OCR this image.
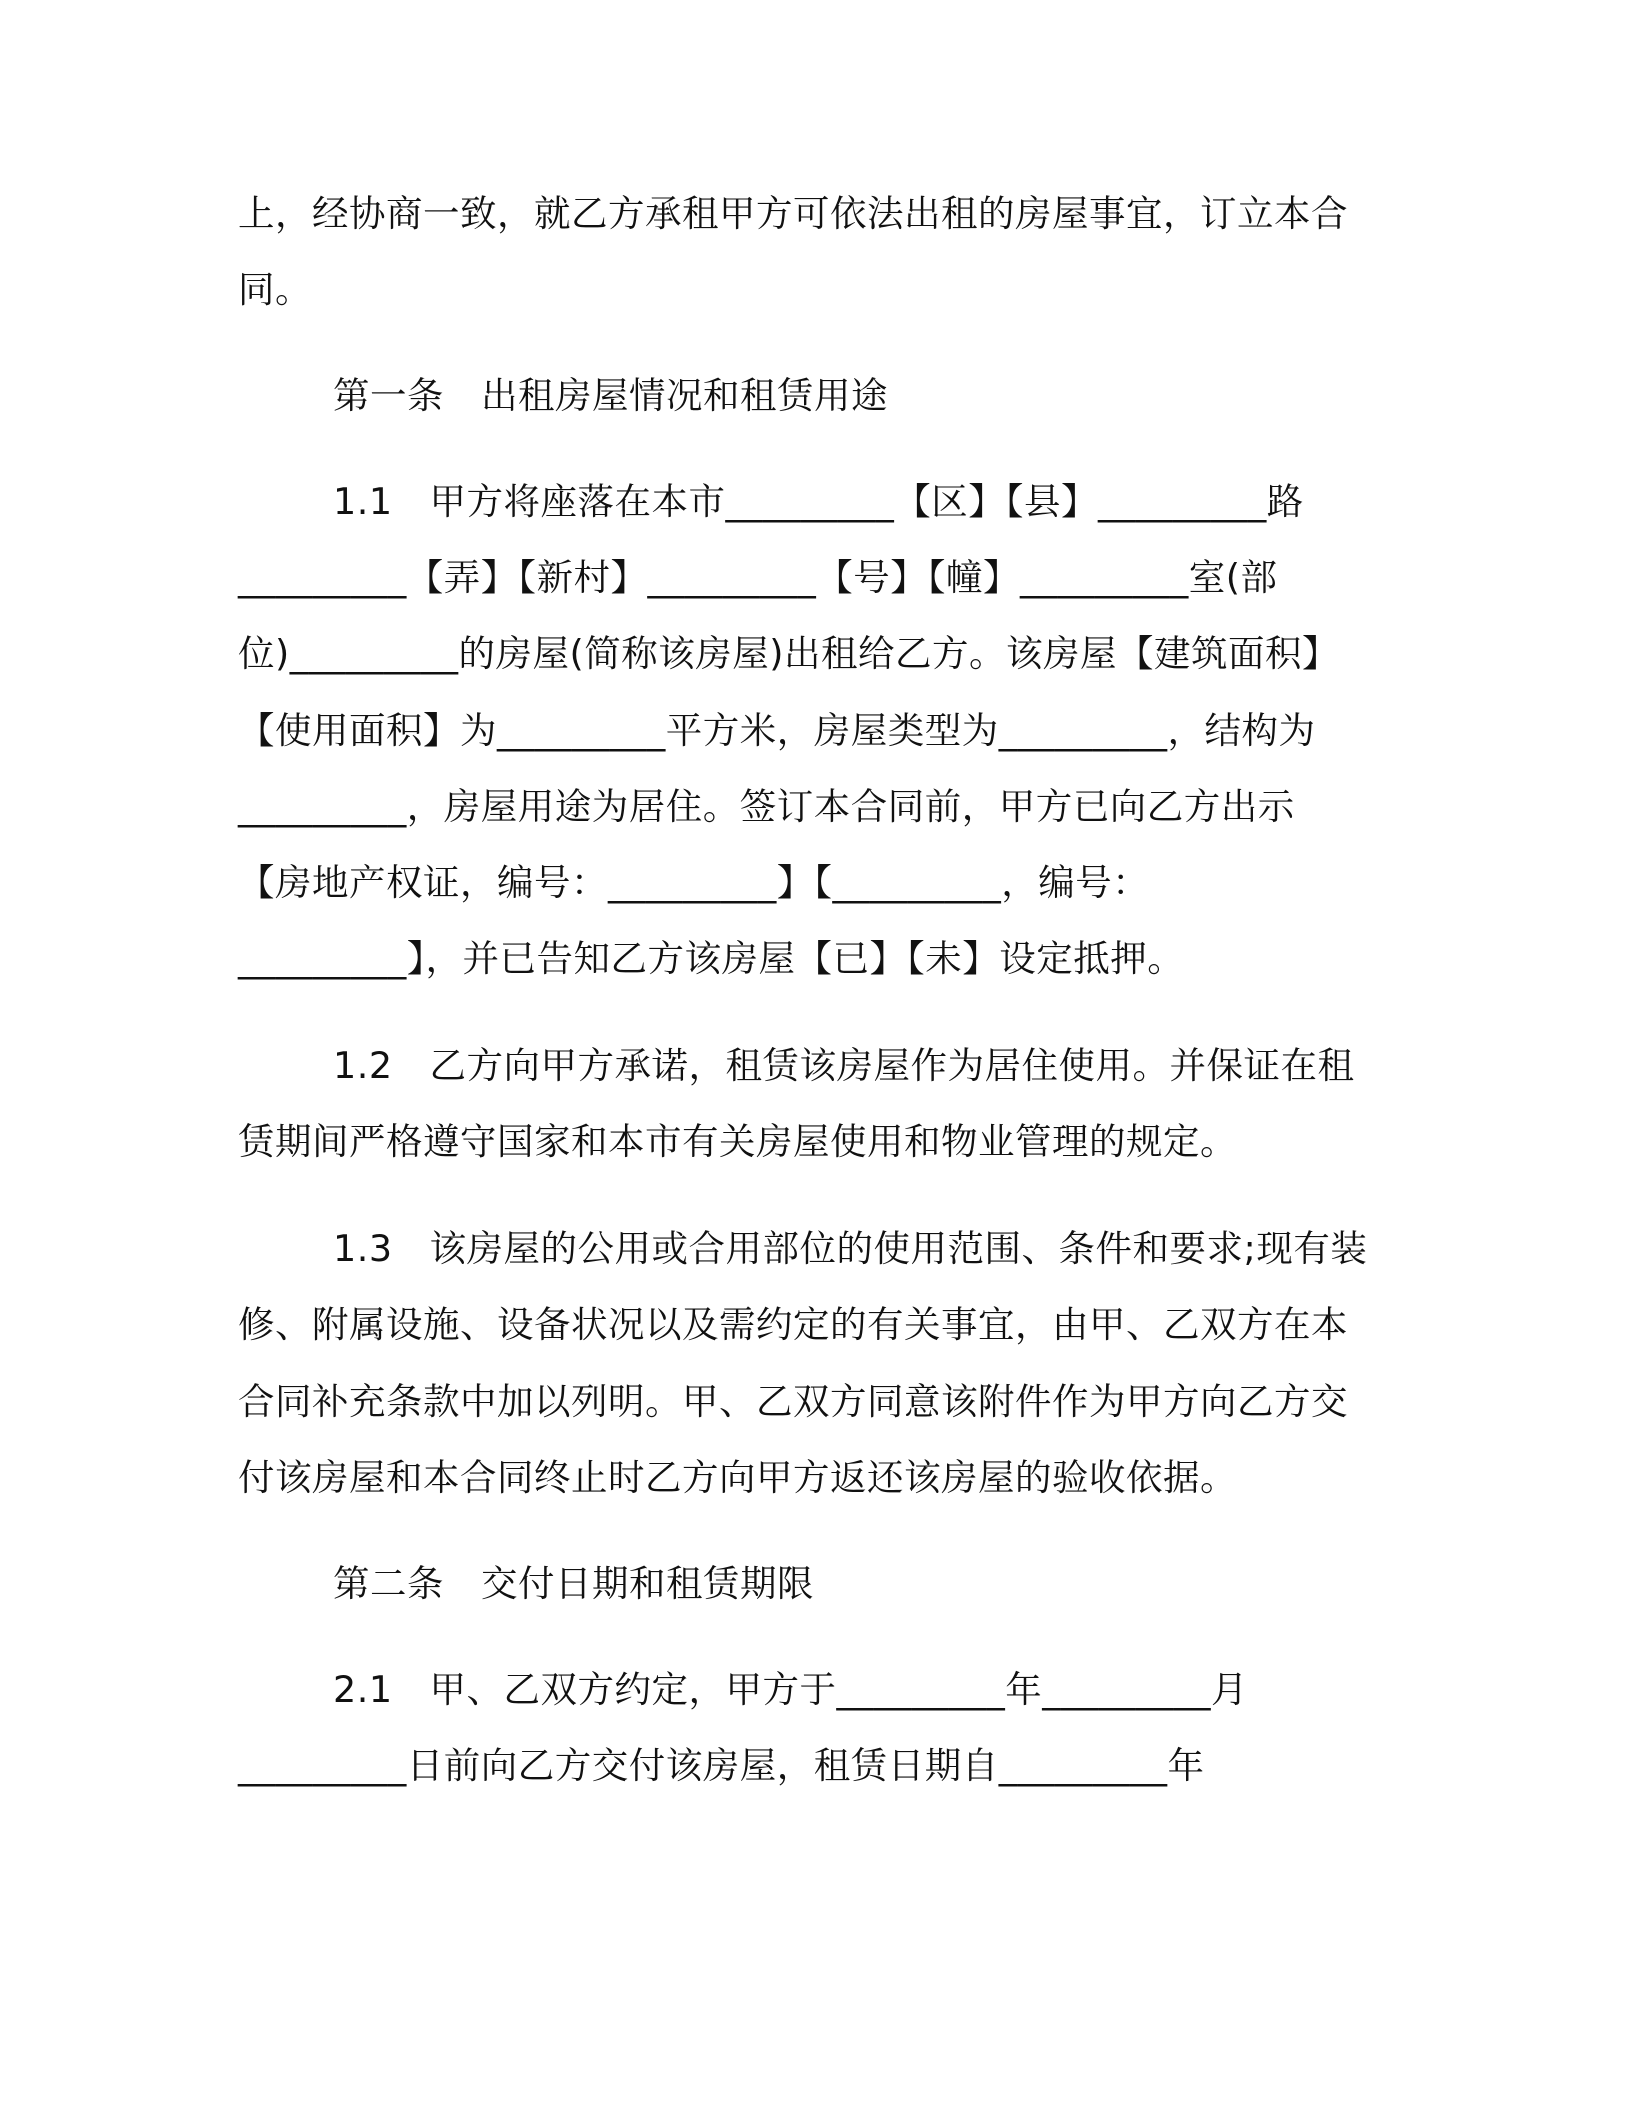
上，经协商一致，就乙方承租甲方可依法出租的房屋事宜，订立本合
同。
第一条　出租房屋情况和租赁用途
1.1　甲方将座落在本市_________【区】【县】_________路
_________【弄】【新村】_________【号】【幢】_________室(部
位)_________的房屋(简称该房屋)出租给乙方。该房屋【建筑面积】
【使用面积】为_________平方米，房屋类型为_________，结构为
_________，房屋用途为居住。签订本合同前，甲方已向乙方出示
【房地产权证，编号：_________】【_________，编号：
_________】，并已告知乙方该房屋【已】【未】设定抵押。
1.2　乙方向甲方承诺，租赁该房屋作为居住使用。并保证在租
赁期间严格遵守国家和本市有关房屋使用和物业管理的规定。
1.3　该房屋的公用或合用部位的使用范围、条件和要求;现有装
修、附属设施、设备状况以及需约定的有关事宜，由甲、乙双方在本
合同补充条款中加以列明。甲、乙双方同意该附件作为甲方向乙方交
付该房屋和本合同终止时乙方向甲方返还该房屋的验收依据。
第二条　交付日期和租赁期限
2.1　甲、乙双方约定，甲方于_________年_________月
_________日前向乙方交付该房屋，租赁日期自_________年
